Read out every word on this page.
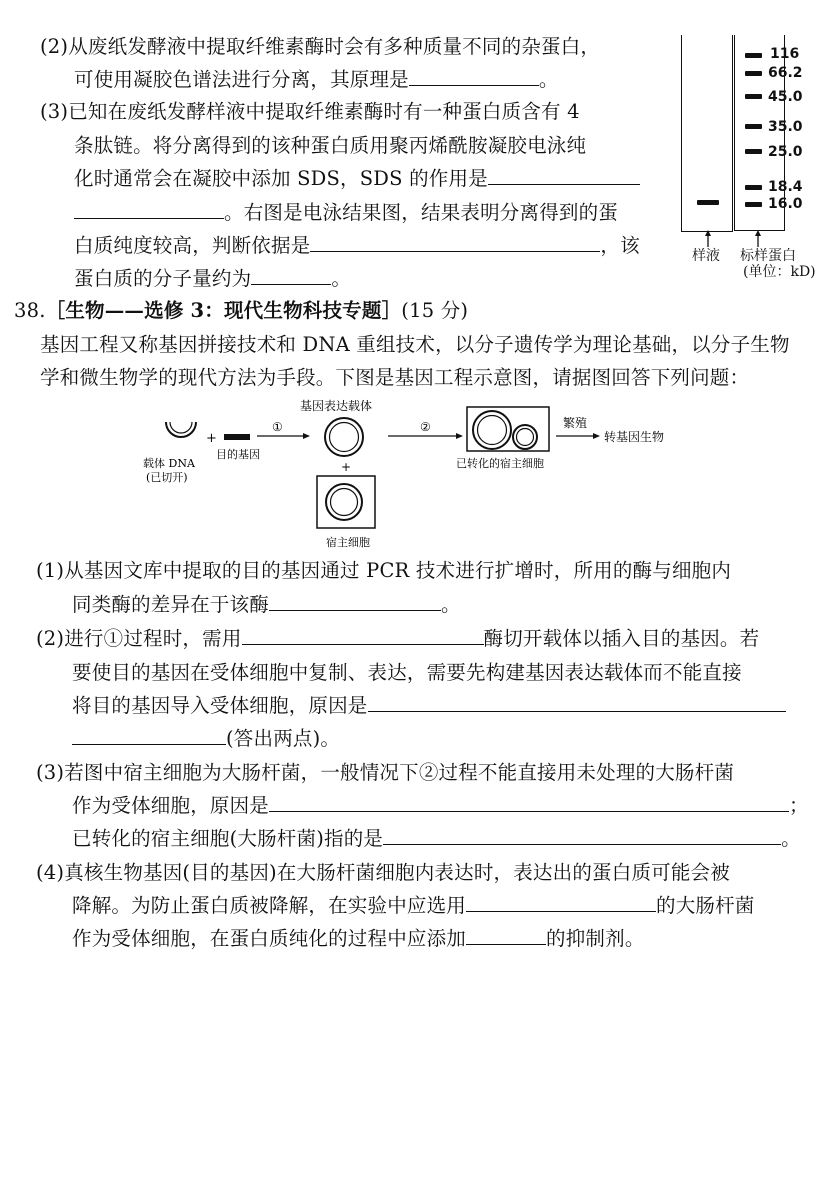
(2)从废纸发酵液中提取纤维素酶时会有多种质量不同的杂蛋白，
可使用凝胶色谱法进行分离，其原理是	。
(3)已知在废纸发酵样液中提取纤维素酶时有一种蛋白质含有 4
条肽链。将分离得到的该种蛋白质用聚丙烯酰胺凝胶电泳纯
化时通常会在凝胶中添加 SDS，SDS 的作用是
。右图是电泳结果图，结果表明分离得到的蛋
白质纯度较高，判断依据是	，该
蛋白质的分子量约为	。
116
66.2
45.0
35.0
25.0
18.4
16.0
样液 标样蛋白
(单位：kD)
38.［生物——选修 3：现代生物科技专题］(15 分)
基因工程又称基因拼接技术和 DNA 重组技术，以分子遗传学为理论基础，以分子生物
学和微生物学的现代方法为手段。下图是基因工程示意图，请据图回答下列问题：
+
①
基因表达载体
+
宿主细胞
②
已转化的宿主细胞
繁殖
转基因生物
载体 DNA
(已切开)
目的基因
(1)从基因文库中提取的目的基因通过 PCR 技术进行扩增时，所用的酶与细胞内
同类酶的差异在于该酶	。
(2)进行①过程时，需用	酶切开载体以插入目的基因。若
要使目的基因在受体细胞中复制、表达，需要先构建基因表达载体而不能直接
将目的基因导入受体细胞，原因是
(答出两点)。
(3)若图中宿主细胞为大肠杆菌，一般情况下②过程不能直接用未处理的大肠杆菌
作为受体细胞，原因是	；
已转化的宿主细胞(大肠杆菌)指的是	。
(4)真核生物基因(目的基因)在大肠杆菌细胞内表达时，表达出的蛋白质可能会被
降解。为防止蛋白质被降解，在实验中应选用	的大肠杆菌
作为受体细胞，在蛋白质纯化的过程中应添加	的抑制剂。
